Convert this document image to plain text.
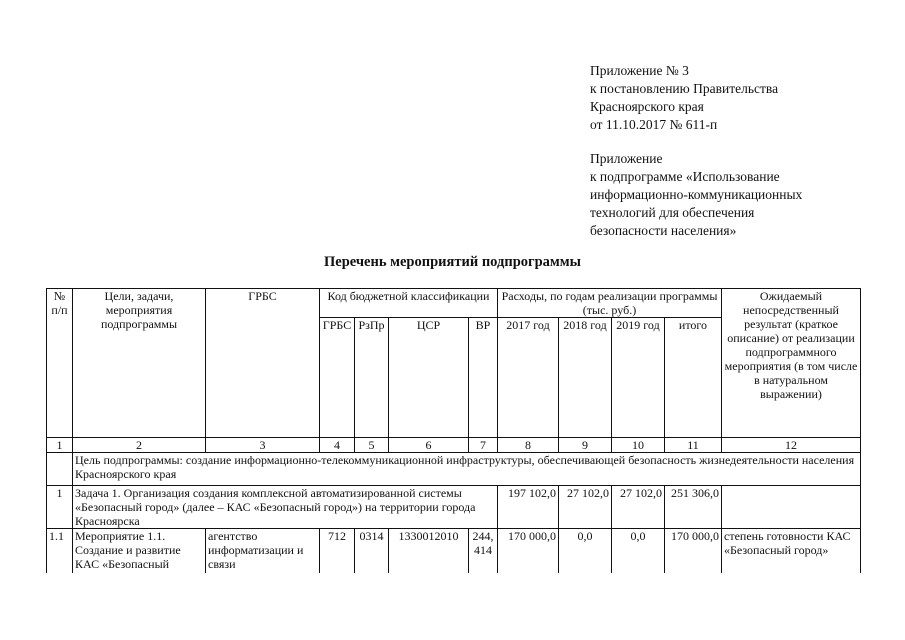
Приложение № 3
к постановлению Правительства
Красноярского края
от 11.10.2017 № 611-п
Приложение
к подпрограмме «Использование
информационно-коммуникационных
технологий для обеспечения
безопасности населения»
Перечень мероприятий подпрограммы
№ п/п	Цели, задачи, мероприятия подпрограммы	ГРБС	Код бюджетной классификации				Расходы, по годам реализации программы (тыс. руб.)				Ожидаемый непосредственный результат (краткое описание) от реализации подпрограммного мероприятия (в том числе в натуральном выражении)
			ГРБС	РзПр	ЦСР	ВР	2017 год	2018 год	2019 год	итого	
1	2	3	4	5	6	7	8	9	10	11	12
	Цель подпрограммы: создание информационно-телекоммуникационной инфраструктуры, обеспечивающей безопасность жизнедеятельности населения Красноярского края										
1	Задача 1. Организация создания комплексной автоматизированной системы «Безопасный город» (далее – КАС «Безопасный город») на территории города Красноярска						197 102,0	27 102,0	27 102,0	251 306,0	
1.1	Мероприятие 1.1. Создание и развитие КАС «Безопасный	агентство информатизации и связи	712	0314	1330012010	244, 414	170 000,0	0,0	0,0	170 000,0	степень готовности КАС «Безопасный город»
